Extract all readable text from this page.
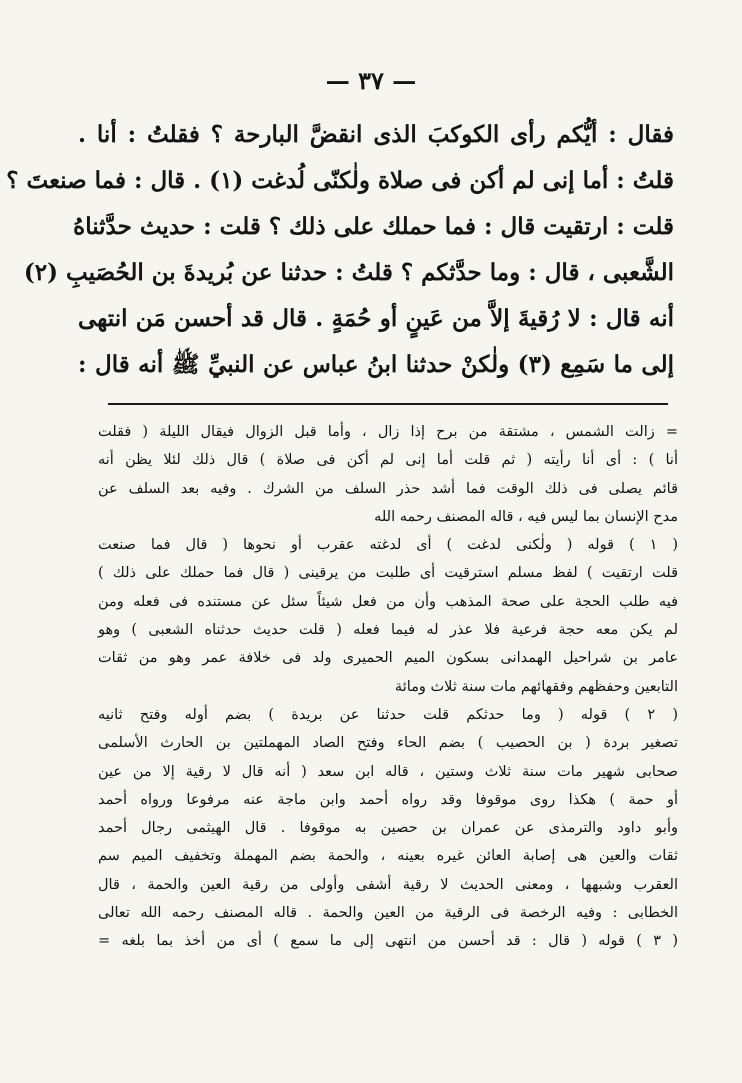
— ٣٧ —
فقال : أيُّكم رأى الكوكبَ الذى انقضَّ البارحة ؟ فقلتُ : أنا .
قلتُ : أما إنى لم أكن فى صلاة ولٰكنّى لُدغت (١) . قال : فما صنعتَ ؟
قلت : ارتقيت قال : فما حملك على ذلك ؟ قلت : حديث حدَّثناهُ
الشَّعبى ، قال : وما حدَّثكم ؟ قلتُ : حدثنا عن بُريدةَ بن الحُصَيبِ (٢)
أنه قال : لا رُقيةَ إلاَّ من عَينٍ أو حُمَةٍ . قال قد أحسن مَن انتهى
إلى ما سَمِع (٣) ولٰكنْ حدثنا ابنُ عباس عن النبيِّ ﷺ أنه قال :
= زالت الشمس ، مشتقة من برح إذا زال ، وأما قبل الزوال فيقال الليلة ( فقلت
أنا ) : أى أنا رأيته ( ثم قلت أما إنى لم أكن فى صلاة ) قال ذلك لئلا يظن أنه
قائم يصلى فى ذلك الوقت فما أشد حذر السلف من الشرك . وفيه بعد السلف عن
مدح الإنسان بما ليس فيه ، قاله المصنف رحمه الله
( ١ ) قوله ( ولٰكنى لدغت ) أى لدغته عقرب أو نحوها ( قال فما صنعت
قلت ارتقيت ) لفظ مسلم استرقيت أى طلبت من يرقينى ( قال فما حملك على ذلك )
فيه طلب الحجة على صحة المذهب وأن من فعل شيئاً سئل عن مستنده فى فعله ومن
لم يكن معه حجة فرعية فلا عذر له فيما فعله ( قلت حديث حدثناه الشعبى ) وهو
عامر بن شراحيل الهمدانى بسكون الميم الحميرى ولد فى خلافة عمر وهو من ثقات
التابعين وحفظهم وفقهائهم مات سنة ثلاث ومائة
( ٢ ) قوله ( وما حدثكم قلت حدثنا عن بريدة ) بضم أوله وفتح ثانيه
تصغير بردة ( بن الحصيب ) بضم الحاء وفتح الصاد المهملتين بن الحارث الأسلمى
صحابى شهير مات سنة ثلاث وستين ، قاله ابن سعد ( أنه قال لا رقية إلا من عين
أو حمة ) هكذا روى موقوفا وقد رواه أحمد وابن ماجة عنه مرفوعا ورواه أحمد
وأبو داود والترمذى عن عمران بن حصين به موقوفا . قال الهيثمى رجال أحمد
ثقات والعين هى إصابة العائن غيره بعينه ، والحمة بضم المهملة وتخفيف الميم سم
العقرب وشبهها ، ومعنى الحديث لا رقية أشفى وأولى من رقية العين والحمة ، قال
الخطابى : وفيه الرخصة فى الرقية من العين والحمة . قاله المصنف رحمه الله تعالى
( ٣ ) قوله ( قال : قد أحسن من انتهى إلى ما سمع ) أى من أخذ بما بلغه =
